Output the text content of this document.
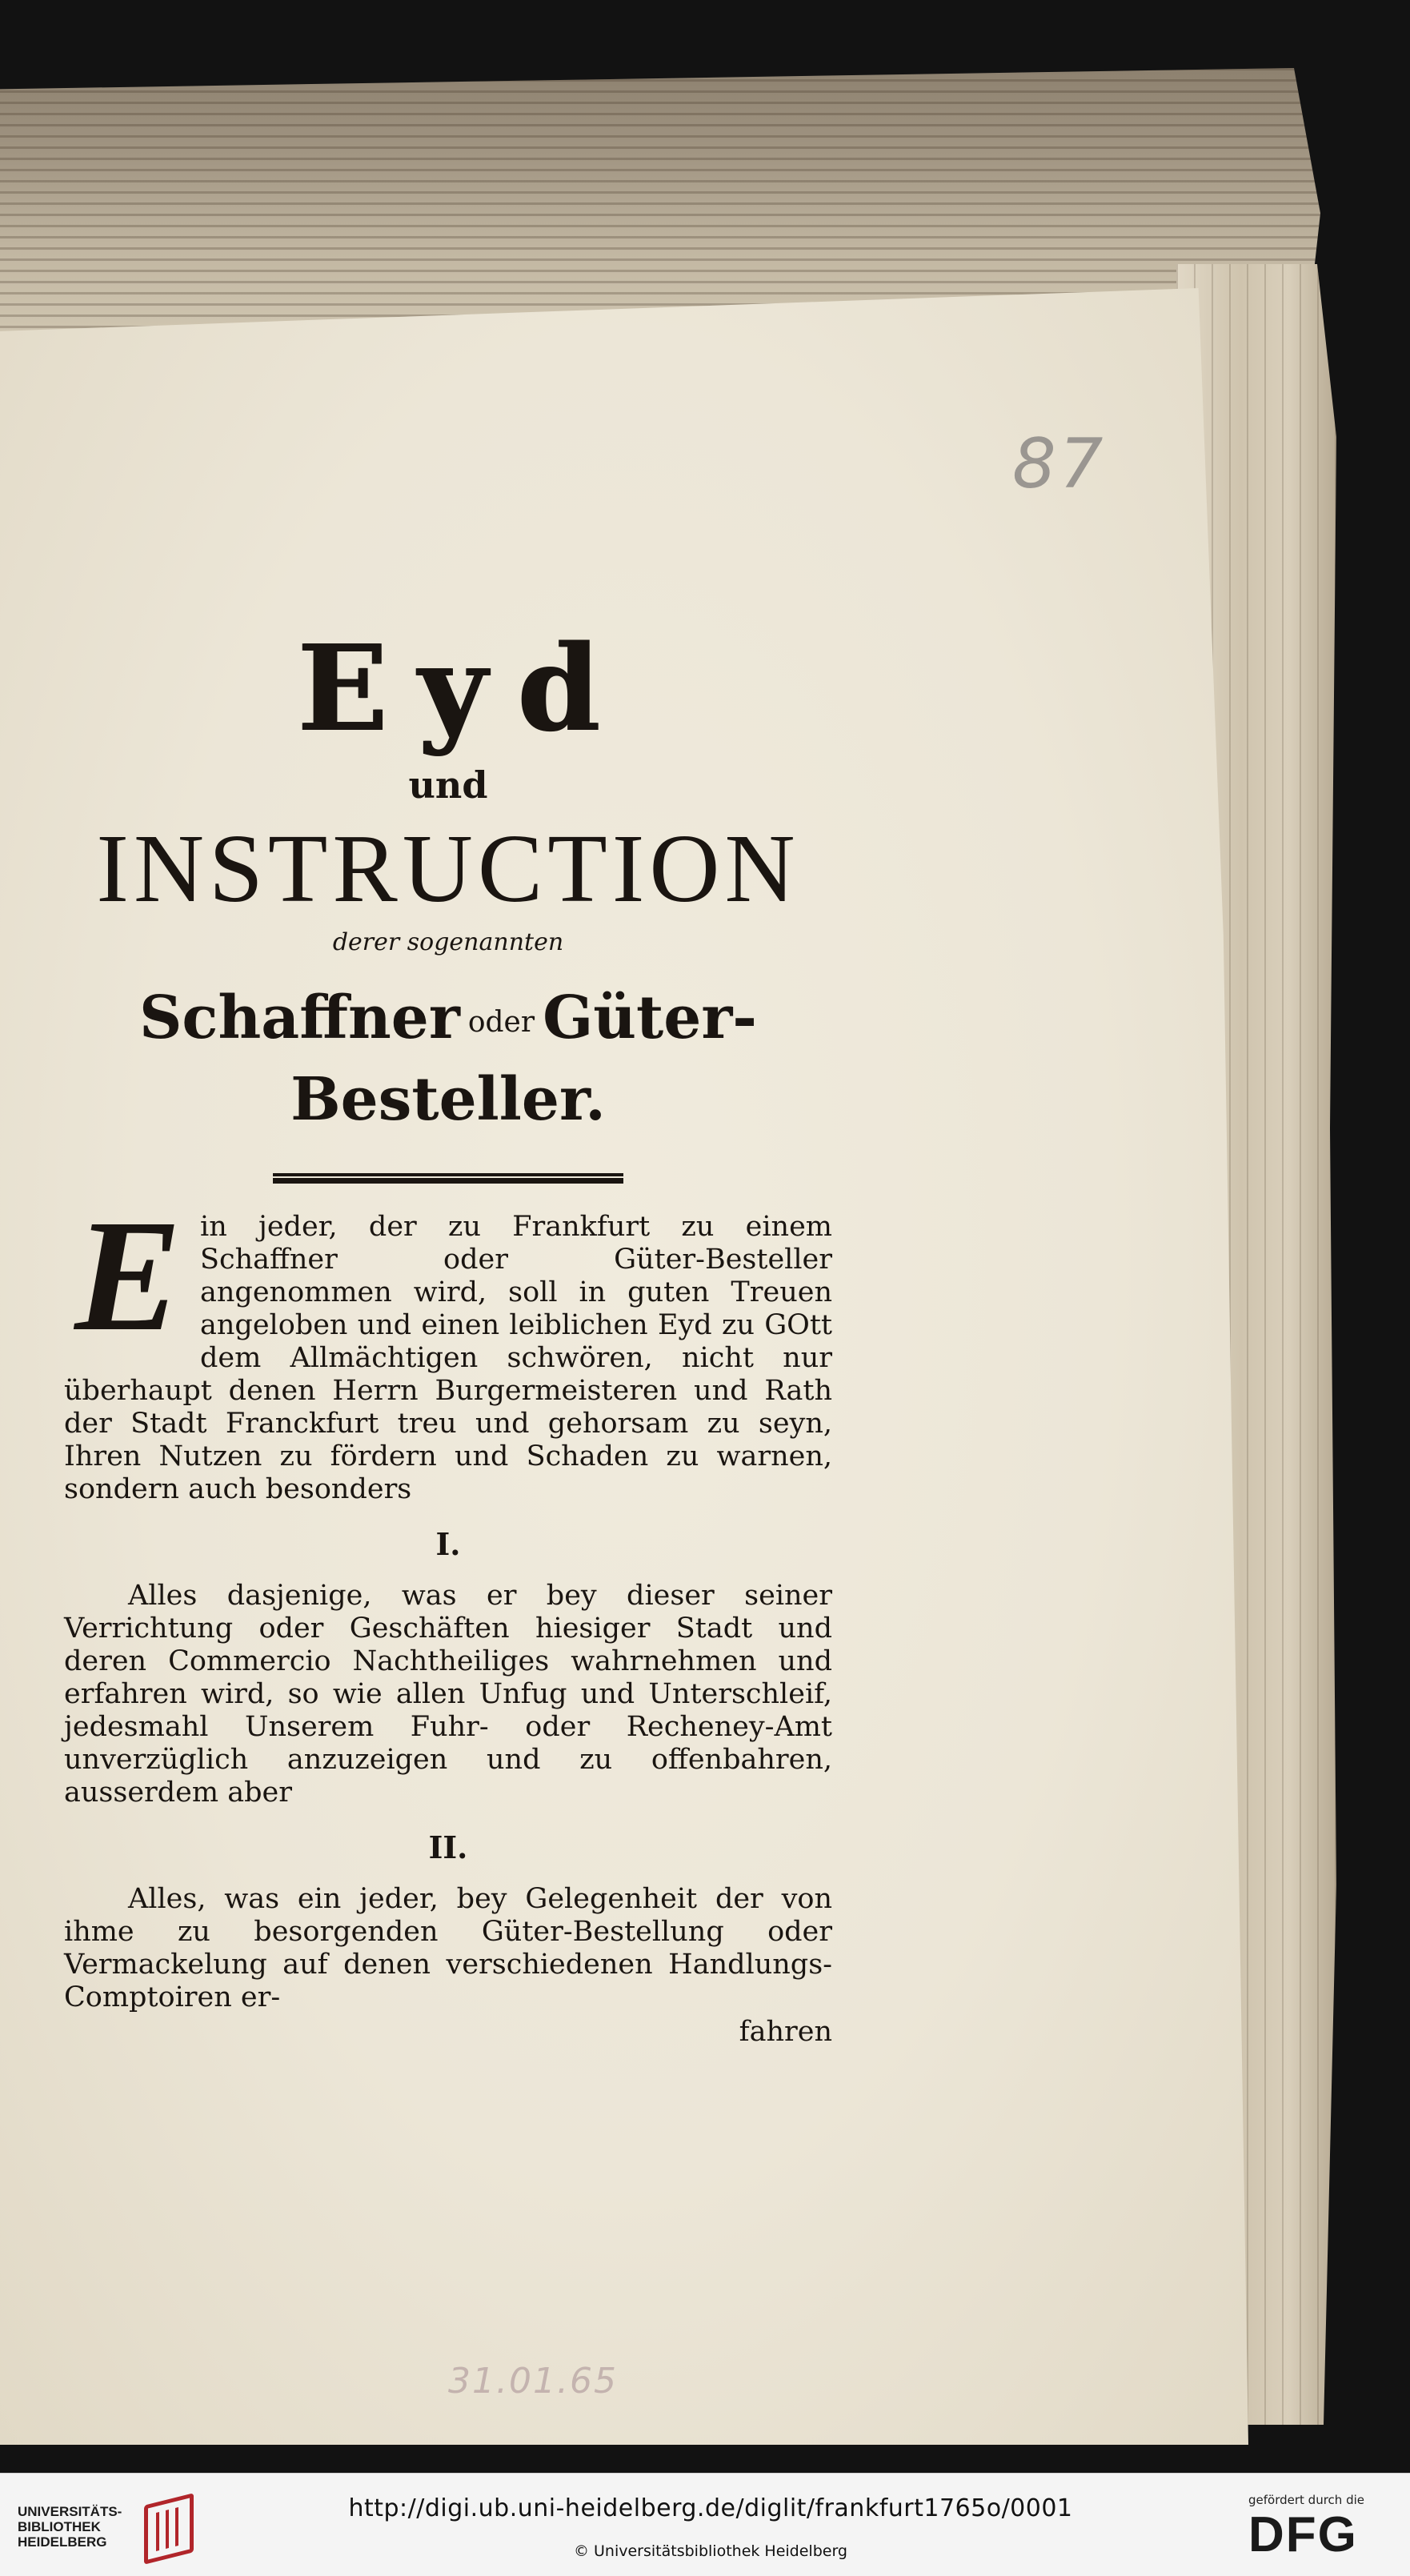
87
Eyd
und
INSTRUCTION
derer sogenannten
Schaffner oder Güter-Besteller.

Ein jeder, der zu Frankfurt zu einem Schaffner oder Güter-Besteller angenommen wird, soll in guten Treuen angeloben und einen leiblichen Eyd zu GOtt dem Allmächtigen schwören, nicht nur überhaupt denen Herrn Burgermeisteren und Rath der Stadt Franckfurt treu und gehorsam zu seyn, Ihren Nutzen zu fördern und Schaden zu warnen, sondern auch besonders

I.

Alles dasjenige, was er bey dieser seiner Verrichtung oder Geschäften hiesiger Stadt und deren Commercio Nachtheiliges wahrnehmen und erfahren wird, so wie allen Unfug und Unterschleif, jedesmahl Unserem Fuhr- oder Recheney-Amt unverzüglich anzuzeigen und zu offenbahren, ausserdem aber

II.

Alles, was ein jeder, bey Gelegenheit der von ihme zu besorgenden Güter-Bestellung oder Vermackelung auf denen verschiedenen Handlungs-Comptoiren er-

fahren
31.01.65
UNIVERSITÄTS-
BIBLIOTHEK
HEIDELBERG
http://digi.ub.uni-heidelberg.de/diglit/frankfurt1765o/0001
© Universitätsbibliothek Heidelberg
gefördert durch die
DFG
